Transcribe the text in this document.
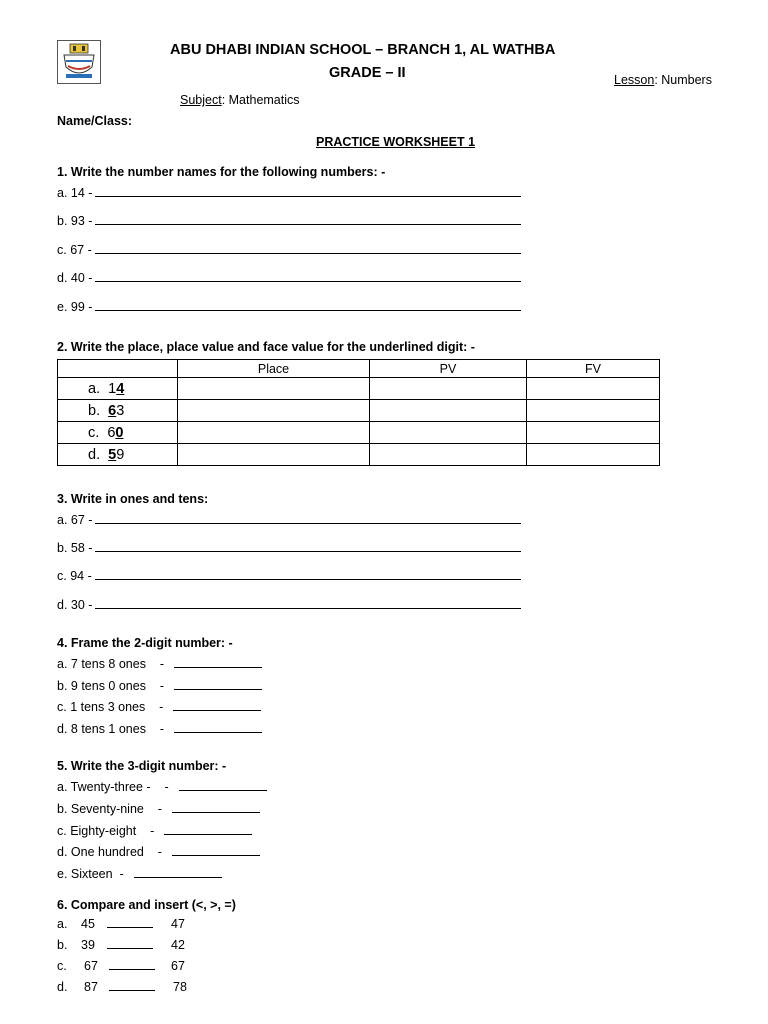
ABU DHABI INDIAN SCHOOL – BRANCH 1, AL WATHBA
GRADE – II	Lesson: Numbers
Subject: Mathematics
Name/Class:
PRACTICE WORKSHEET 1
1. Write the number names for the following numbers: -
a. 14 -
b. 93 -
c. 67 -
d. 40 -
e. 99 -
2. Write the place, place value and face value for the underlined digit: -
	Place	PV	FV
a. 14			
b. 63			
c. 60			
d. 59			
3. Write in ones and tens:
a. 67 -
b. 58 -
c. 94 -
d. 30 -
4. Frame the 2-digit number: -
a. 7 tens 8 ones    -
b. 9 tens 0 ones    -
c. 1 tens 3 ones    -
d. 8 tens 1 ones    -
5. Write the 3-digit number: -
a. Twenty-three -    -
b. Seventy-nine    -
c. Eighty-eight    -
d. One hundred    -
e. Sixteen  -
6. Compare and insert (<, >, =)
a. 45	47
b. 39	42
c. 67	67
d. 87	78
